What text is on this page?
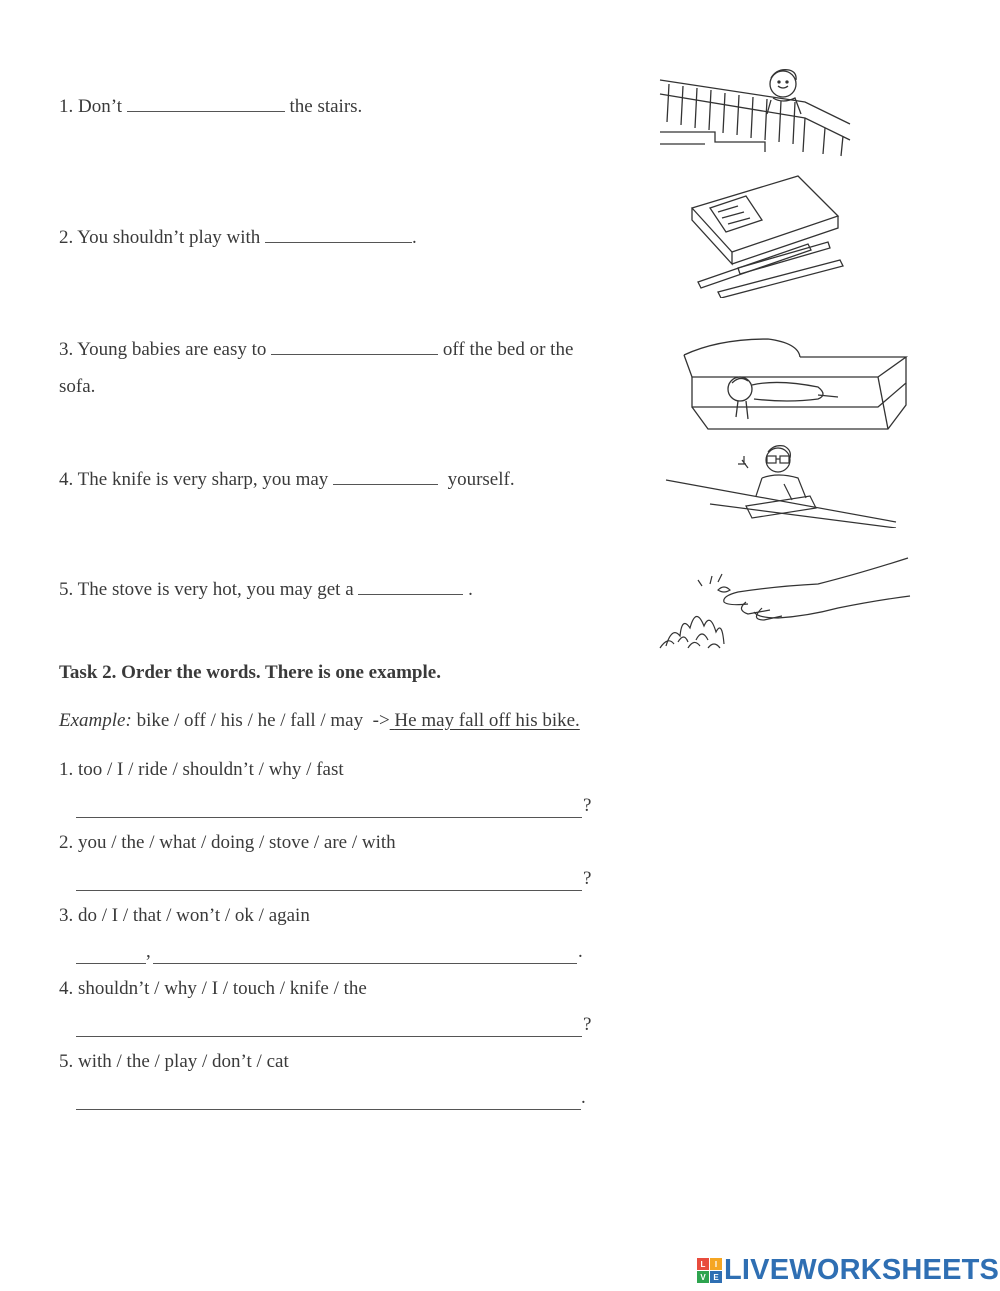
1. Don’t	the stairs.
2. You shouldn’t play with	.
3. Young babies are easy to	off the bed or the
sofa.
4. The knife is very sharp, you may	yourself.
5. The stove is very hot, you may get a	.
Task 2. Order the words. There is one example.
Example: bike / off / his / he / fall / may -> He may fall off his bike.
1. too / I / ride / shouldn’t / why / fast
?
2. you / the / what / doing / stove / are / with
?
3. do / I / that / won’t / ok / again
,	.
4. shouldn’t / why / I / touch / knife / the
?
5. with / the / play / don’t / cat
.
L	I
V E LIVEWORKSHEETS
